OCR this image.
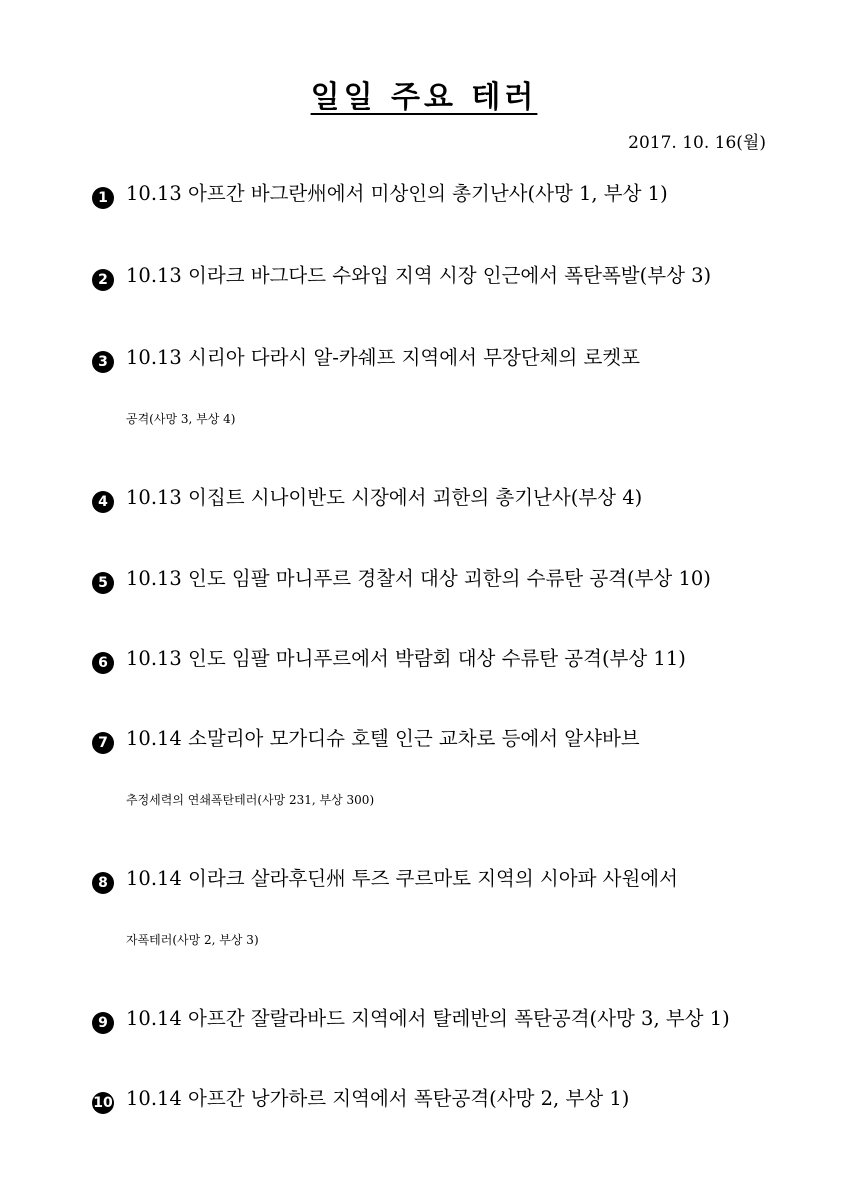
일일 주요 테러
2017. 10. 16(월)
1 10.13 아프간 바그란州에서 미상인의 총기난사(사망 1, 부상 1)
2 10.13 이라크 바그다드 수와입 지역 시장 인근에서 폭탄폭발(부상 3)
3 10.13 시리아 다라시 알-카쉐프 지역에서 무장단체의 로켓포
공격(사망 3, 부상 4)
4 10.13 이집트 시나이반도 시장에서 괴한의 총기난사(부상 4)
5 10.13 인도 임팔 마니푸르 경찰서 대상 괴한의 수류탄 공격(부상 10)
6 10.13 인도 임팔 마니푸르에서 박람회 대상 수류탄 공격(부상 11)
7 10.14 소말리아 모가디슈 호텔 인근 교차로 등에서 알샤바브
추정세력의 연쇄폭탄테러(사망 231, 부상 300)
8 10.14 이라크 살라후딘州 투즈 쿠르마토 지역의 시아파 사원에서
자폭테러(사망 2, 부상 3)
9 10.14 아프간 잘랄라바드 지역에서 탈레반의 폭탄공격(사망 3, 부상 1)
10 10.14 아프간 낭가하르 지역에서 폭탄공격(사망 2, 부상 1)
